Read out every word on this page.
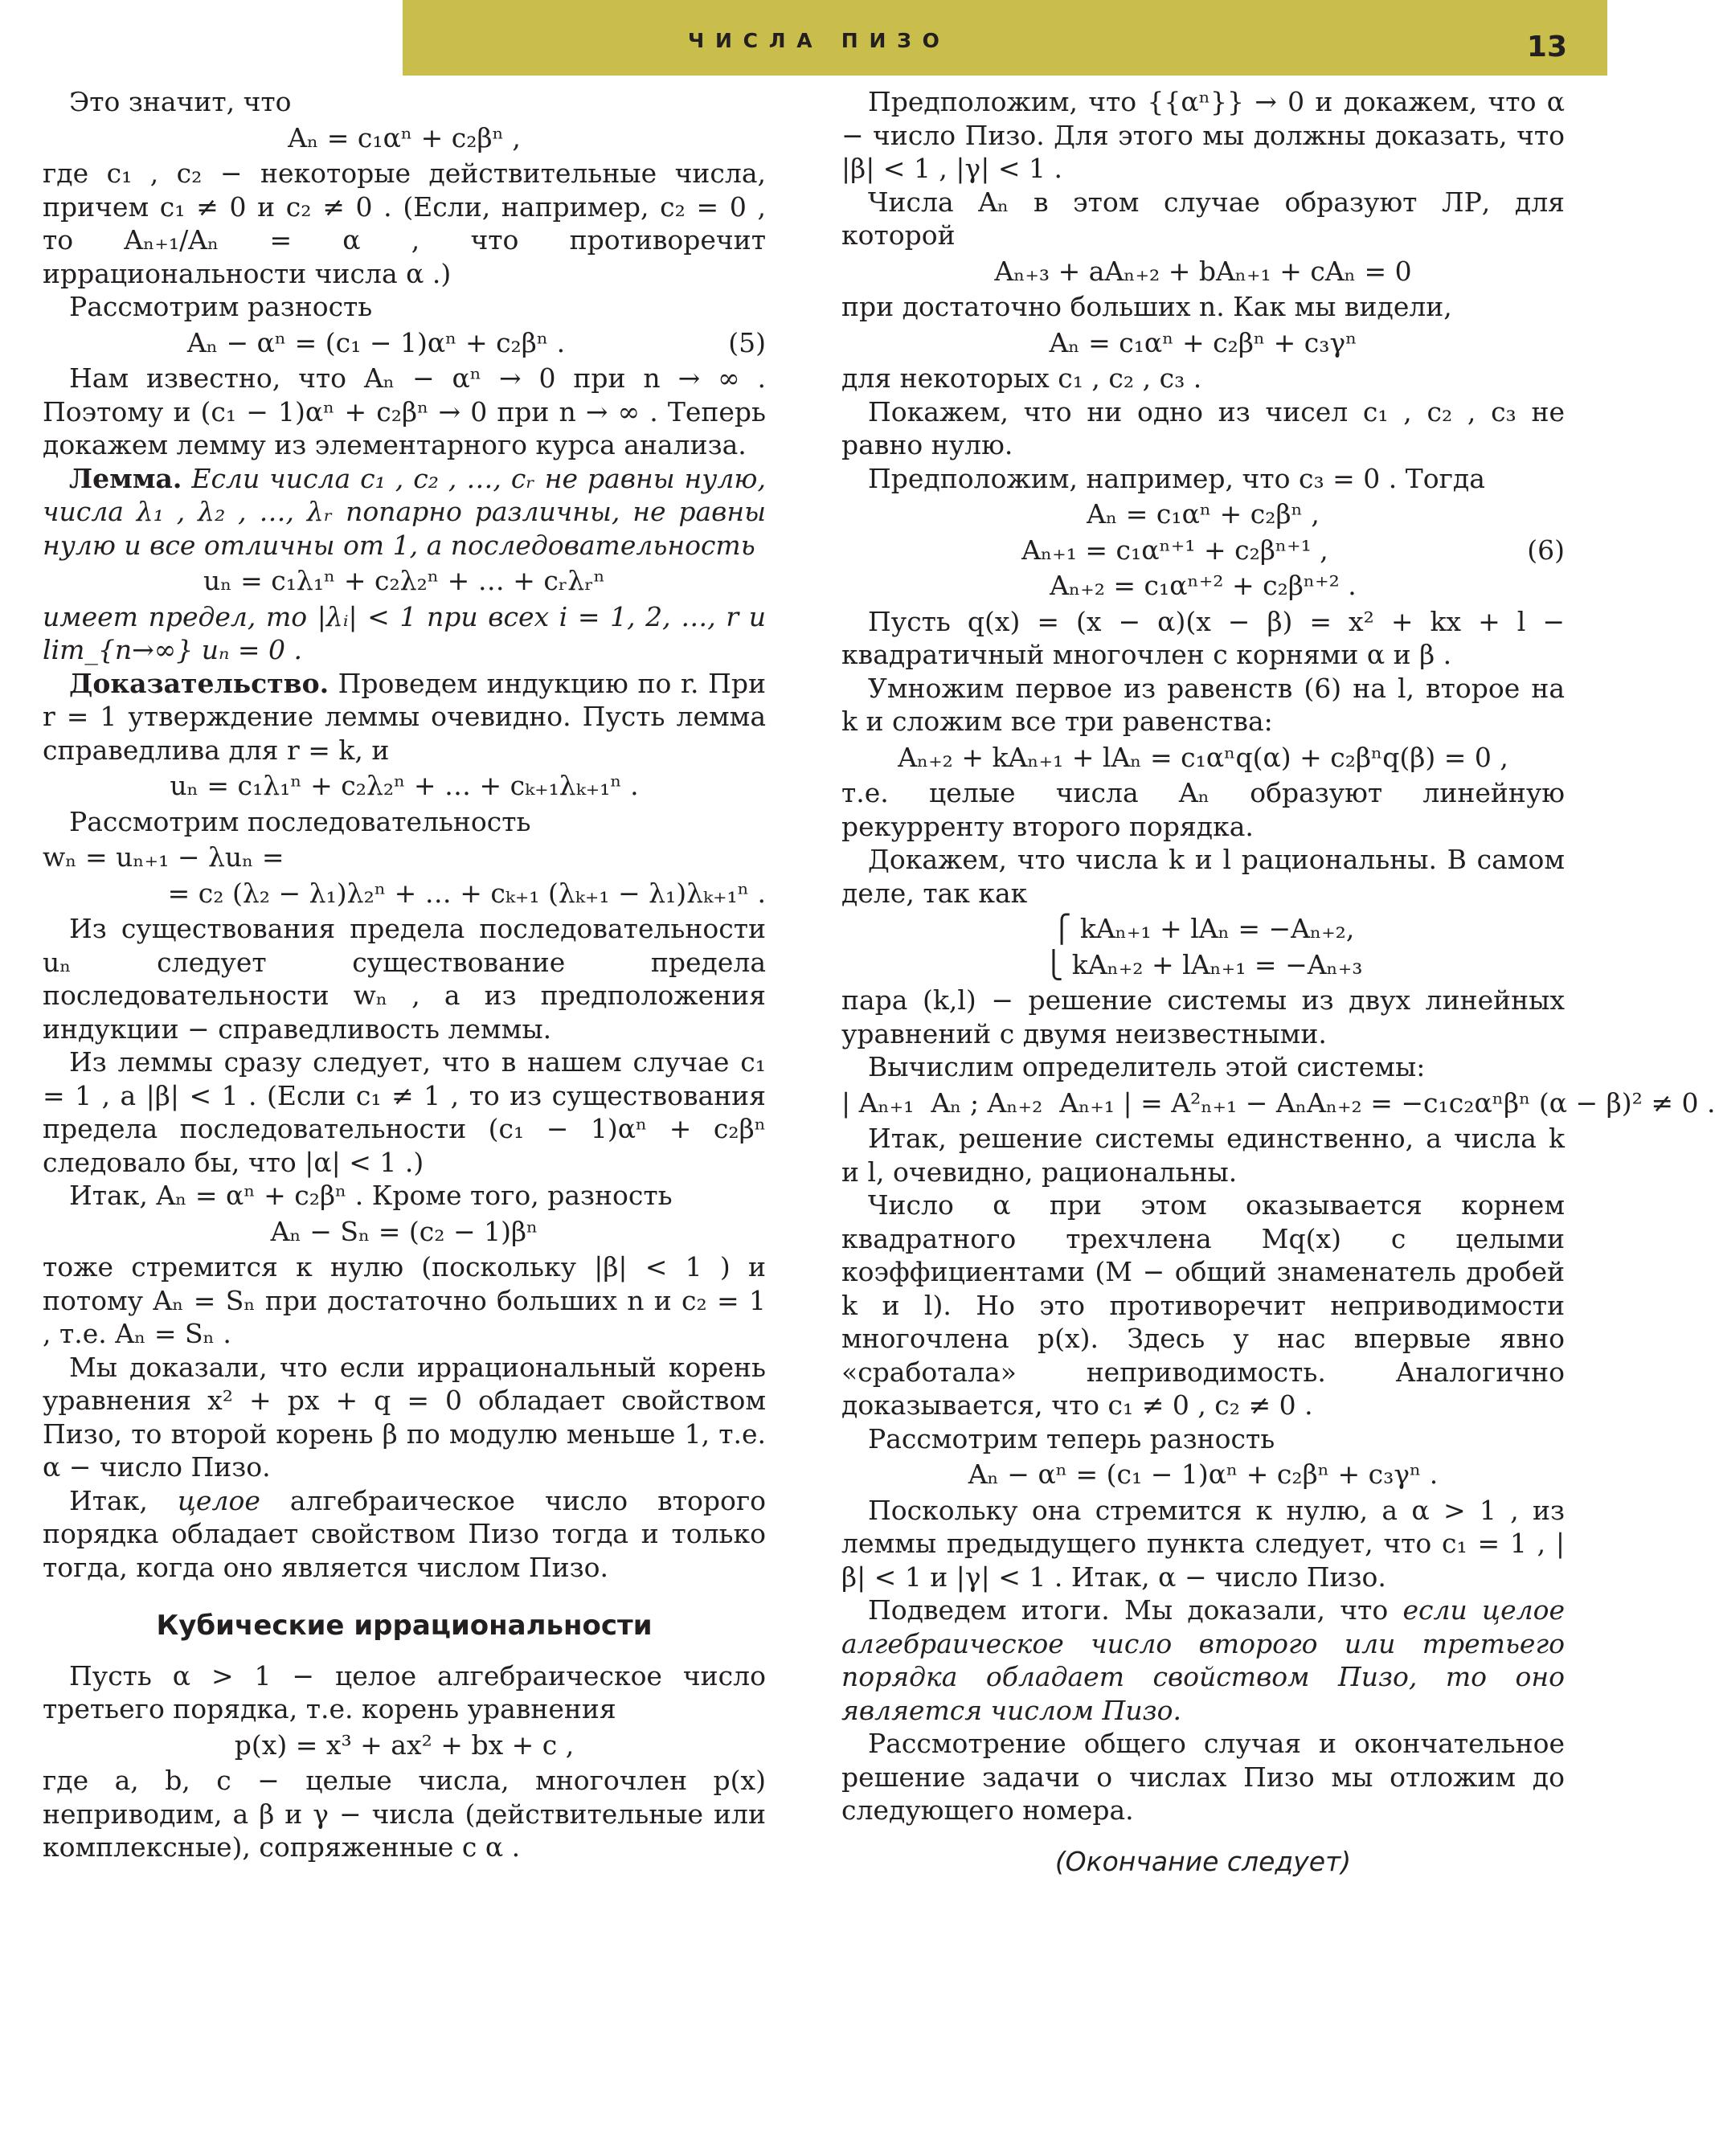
ЧИСЛА ПИЗО	13

Это значит, что

Aₙ = c₁αⁿ + c₂βⁿ ,

где c₁ , c₂ − некоторые действительные числа, причем c₁ ≠ 0 и c₂ ≠ 0 . (Если, например, c₂ = 0 , то Aₙ₊₁/Aₙ = α , что противоречит иррациональности числа α .)

Рассмотрим разность

Aₙ − αⁿ = (c₁ − 1)αⁿ + c₂βⁿ .	(5)

Нам известно, что Aₙ − αⁿ → 0 при n → ∞ . Поэтому и (c₁ − 1)αⁿ + c₂βⁿ → 0 при n → ∞ . Теперь докажем лемму из элементарного курса анализа.

Лемма. Если числа c₁ , c₂ , …, cᵣ не равны нулю, числа λ₁ , λ₂ , …, λᵣ попарно различны, не равны нулю и все отличны от 1, а последовательность

uₙ = c₁λ₁ⁿ + c₂λ₂ⁿ + … + cᵣλᵣⁿ

имеет предел, то |λᵢ| < 1 при всех i = 1, 2, …, r и lim_{n→∞} uₙ = 0 .

Доказательство. Проведем индукцию по r. При r = 1 утверждение леммы очевидно. Пусть лемма справедлива для r = k, и

uₙ = c₁λ₁ⁿ + c₂λ₂ⁿ + … + cₖ₊₁λₖ₊₁ⁿ .

Рассмотрим последовательность

wₙ = uₙ₊₁ − λuₙ =
= c₂ (λ₂ − λ₁)λ₂ⁿ + … + cₖ₊₁ (λₖ₊₁ − λ₁)λₖ₊₁ⁿ .

Из существования предела последовательности uₙ следует существование предела последовательности wₙ , а из предположения индукции − справедливость леммы.

Из леммы сразу следует, что в нашем случае c₁ = 1 , а |β| < 1 . (Если c₁ ≠ 1 , то из существования предела последовательности (c₁ − 1)αⁿ + c₂βⁿ следовало бы, что |α| < 1 .)

Итак, Aₙ = αⁿ + c₂βⁿ . Кроме того, разность

Aₙ − Sₙ = (c₂ − 1)βⁿ

тоже стремится к нулю (поскольку |β| < 1 ) и потому Aₙ = Sₙ при достаточно больших n и c₂ = 1 , т.е. Aₙ = Sₙ .

Мы доказали, что если иррациональный корень уравнения x² + px + q = 0 обладает свойством Пизо, то второй корень β по модулю меньше 1, т.е. α − число Пизо.

Итак, целое алгебраическое число второго порядка обладает свойством Пизо тогда и только тогда, когда оно является числом Пизо.

Кубические иррациональности

Пусть α > 1 − целое алгебраическое число третьего порядка, т.е. корень уравнения

p(x) = x³ + ax² + bx + c ,

где a, b, c − целые числа, многочлен p(x) неприводим, а β и γ − числа (действительные или комплексные), сопряженные с α .

Предположим, что {{αⁿ}} → 0 и докажем, что α − число Пизо. Для этого мы должны доказать, что |β| < 1 , |γ| < 1 .

Числа Aₙ в этом случае образуют ЛР, для которой

Aₙ₊₃ + aAₙ₊₂ + bAₙ₊₁ + cAₙ = 0

при достаточно больших n. Как мы видели,

Aₙ = c₁αⁿ + c₂βⁿ + c₃γⁿ

для некоторых c₁ , c₂ , c₃ .

Покажем, что ни одно из чисел c₁ , c₂ , c₃ не равно нулю.

Предположим, например, что c₃ = 0 . Тогда

Aₙ = c₁αⁿ + c₂βⁿ ,
Aₙ₊₁ = c₁αⁿ⁺¹ + c₂βⁿ⁺¹ ,	(6)
Aₙ₊₂ = c₁αⁿ⁺² + c₂βⁿ⁺² .

Пусть q(x) = (x − α)(x − β) = x² + kx + l − квадратичный многочлен с корнями α и β .

Умножим первое из равенств (6) на l, второе на k и сложим все три равенства:

Aₙ₊₂ + kAₙ₊₁ + lAₙ = c₁αⁿq(α) + c₂βⁿq(β) = 0 ,

т.е. целые числа Aₙ образуют линейную рекурренту второго порядка.

Докажем, что числа k и l рациональны. В самом деле, так как

⎧ kAₙ₊₁ + lAₙ = −Aₙ₊₂,
⎩ kAₙ₊₂ + lAₙ₊₁ = −Aₙ₊₃

пара (k,l) − решение системы из двух линейных уравнений с двумя неизвестными.

Вычислим определитель этой системы:

| Aₙ₊₁  Aₙ ; Aₙ₊₂  Aₙ₊₁ | = A²ₙ₊₁ − AₙAₙ₊₂ = −c₁c₂αⁿβⁿ (α − β)² ≠ 0 .

Итак, решение системы единственно, а числа k и l, очевидно, рациональны.

Число α при этом оказывается корнем квадратного трехчлена Mq(x) с целыми коэффициентами (M − общий знаменатель дробей k и l). Но это противоречит неприводимости многочлена p(x). Здесь у нас впервые явно «сработала» неприводимость. Аналогично доказывается, что c₁ ≠ 0 , c₂ ≠ 0 .

Рассмотрим теперь разность

Aₙ − αⁿ = (c₁ − 1)αⁿ + c₂βⁿ + c₃γⁿ .

Поскольку она стремится к нулю, а α > 1 , из леммы предыдущего пункта следует, что c₁ = 1 , |β| < 1 и |γ| < 1 . Итак, α − число Пизо.

Подведем итоги. Мы доказали, что если целое алгебраическое число второго или третьего порядка обладает свойством Пизо, то оно является числом Пизо.

Рассмотрение общего случая и окончательное решение задачи о числах Пизо мы отложим до следующего номера.

(Окончание следует)
